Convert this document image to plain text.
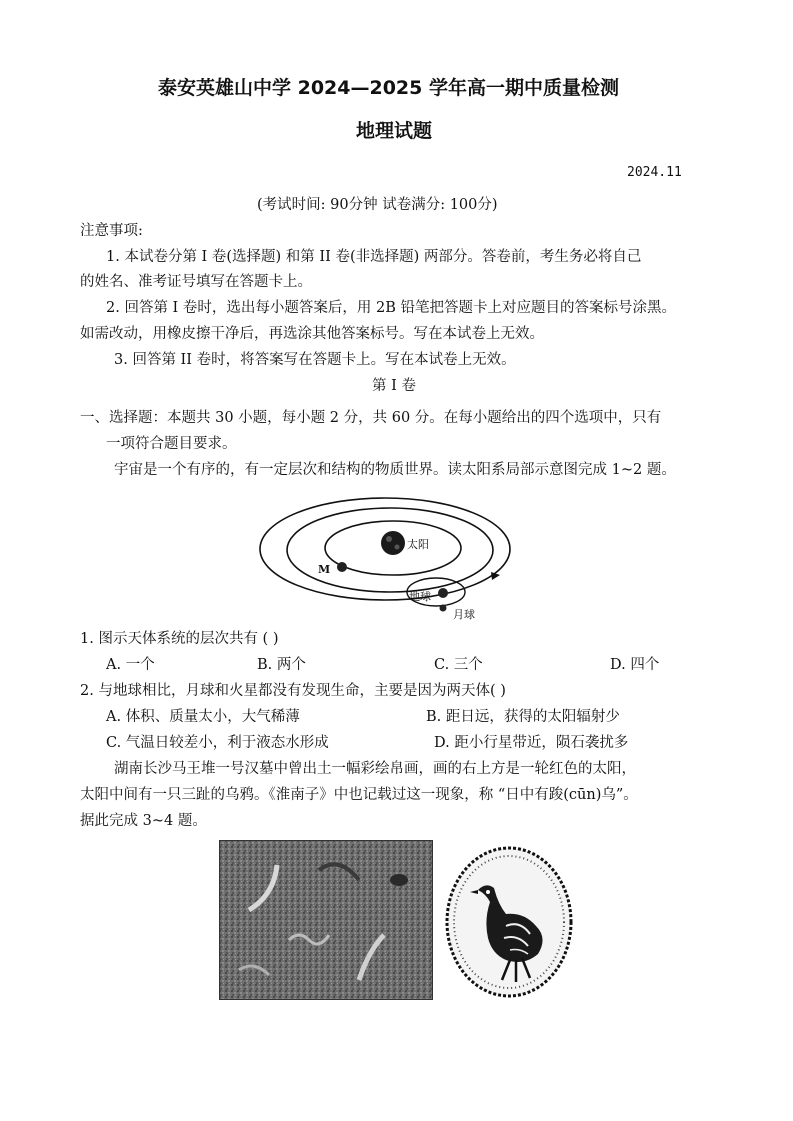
泰安英雄山中学 2024—2025 学年高一期中质量检测
地理试题
2024.11
(考试时间: 90分钟 试卷满分: 100分)
注意事项:
1. 本试卷分第 I 卷(选择题) 和第 II 卷(非选择题) 两部分。答卷前，考生务必将自己
的姓名、准考证号填写在答题卡上。
2. 回答第 I 卷时，选出每小题答案后，用 2B 铅笔把答题卡上对应题目的答案标号涂黑。
如需改动，用橡皮擦干净后，再选涂其他答案标号。写在本试卷上无效。
3. 回答第 II 卷时，将答案写在答题卡上。写在本试卷上无效。
第 I 卷
一、选择题：本题共 30 小题，每小题 2 分，共 60 分。在每小题给出的四个选项中，只有
一项符合题目要求。
宇宙是一个有序的，有一定层次和结构的物质世界。读太阳系局部示意图完成 1~2 题。
太阳
M
地球
月球
1. 图示天体系统的层次共有 ( )
A. 一个	B. 两个	C. 三个	D. 四个
2. 与地球相比，月球和火星都没有发现生命，主要是因为两天体( )
A. 体积、质量太小，大气稀薄	B. 距日远，获得的太阳辐射少
C. 气温日较差小，利于液态水形成	D. 距小行星带近，陨石袭扰多
湖南长沙马王堆一号汉墓中曾出土一幅彩绘帛画，画的右上方是一轮红色的太阳，
太阳中间有一只三趾的乌鸦。《淮南子》中也记载过这一现象，称 “日中有踆(cūn)乌”。
据此完成 3~4 题。
